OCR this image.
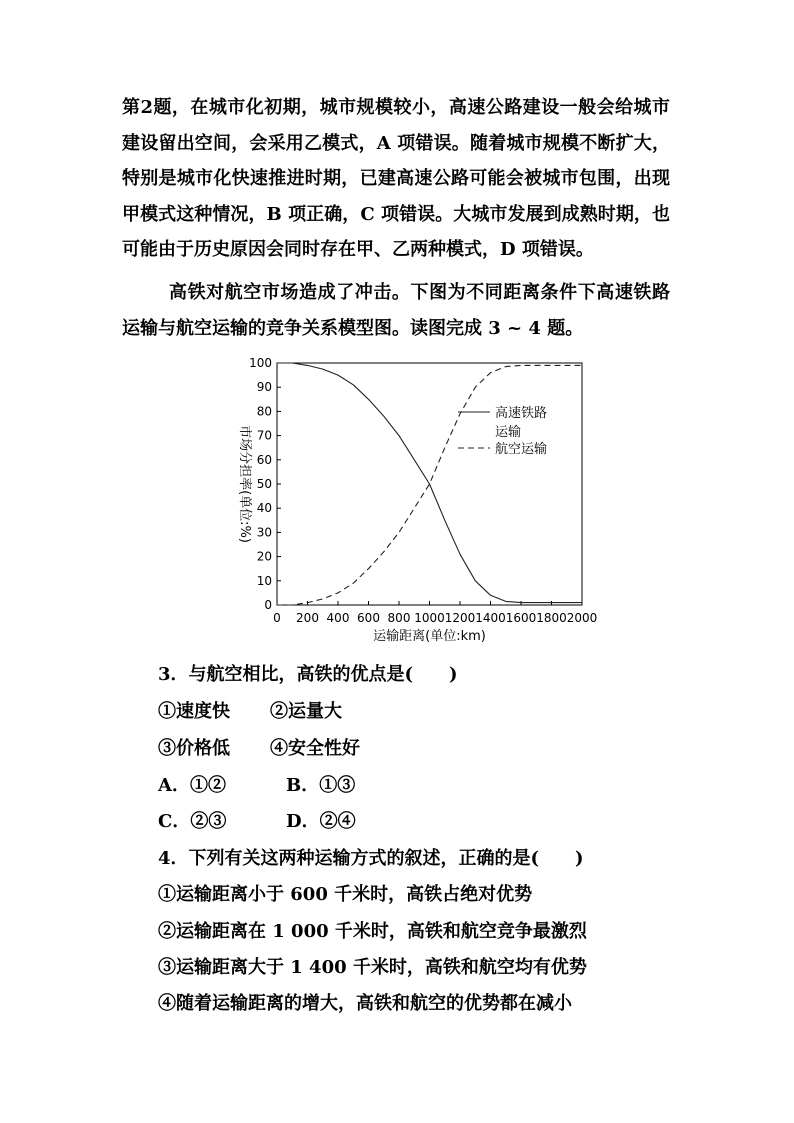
第2题，在城市化初期，城市规模较小，高速公路建设一般会给城市建设留出空间，会采用乙模式，A 项错误。随着城市规模不断扩大，特别是城市化快速推进时期，已建高速公路可能会被城市包围，出现甲模式这种情况，B 项正确，C 项错误。大城市发展到成熟时期，也可能由于历史原因会同时存在甲、乙两种模式，D 项错误。
高铁对航空市场造成了冲击。下图为不同距离条件下高速铁路运输与航空运输的竞争关系模型图。读图完成 3 ~ 4 题。
0 200 400 600 800 1000 1200 1400 1600 1800 2000
0
10
20
30
40
50
60
70
80
90
100
运输距离(单位:km)
市场分担率(单位:%)
高速铁路
运输
航空运输
3．与航空相比，高铁的优点是(　　)
①速度快 ②运量大
③价格低 ④安全性好
A．①②	B．①③
C．②③	D．②④
4．下列有关这两种运输方式的叙述，正确的是(　　)
①运输距离小于 600 千米时，高铁占绝对优势
②运输距离在 1 000 千米时，高铁和航空竞争最激烈
③运输距离大于 1 400 千米时，高铁和航空均有优势
④随着运输距离的增大，高铁和航空的优势都在减小
